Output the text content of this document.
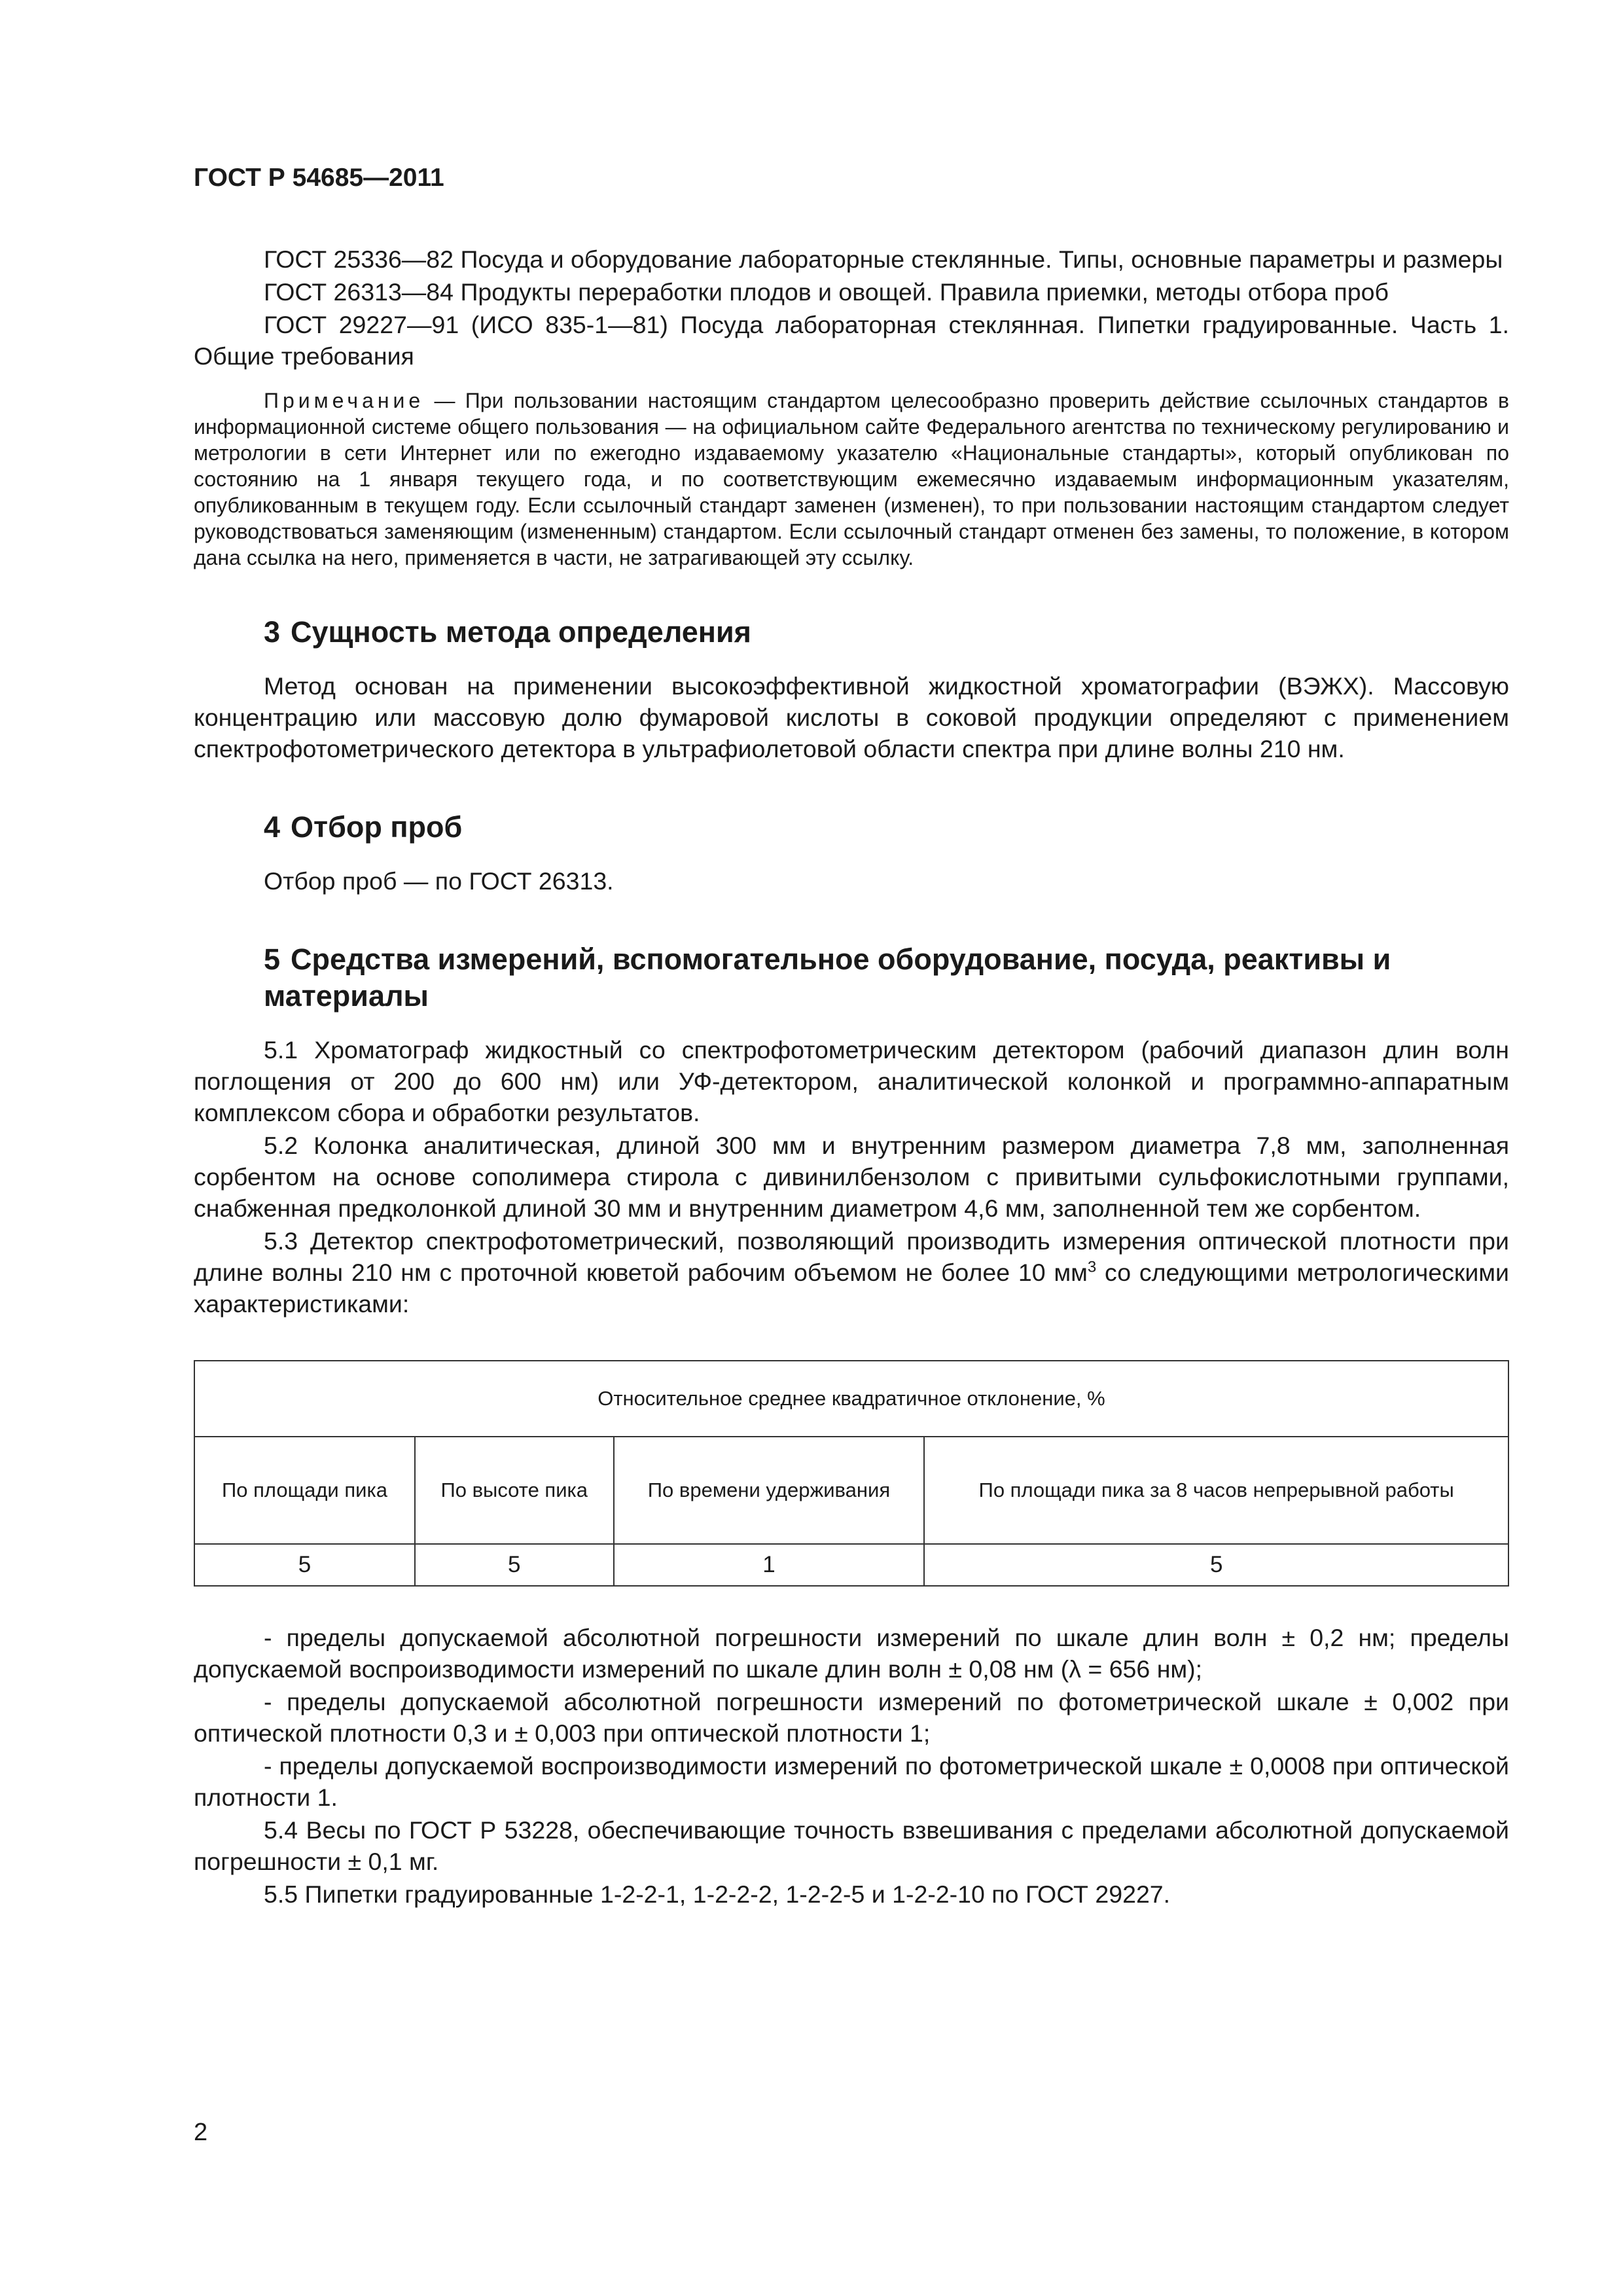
ГОСТ Р 54685—2011

ГОСТ 25336—82 Посуда и оборудование лабораторные стеклянные. Типы, основные параметры и размеры

ГОСТ 26313—84 Продукты переработки плодов и овощей. Правила приемки, методы отбора проб

ГОСТ 29227—91 (ИСО 835-1—81) Посуда лабораторная стеклянная. Пипетки градуированные. Часть 1. Общие требования

Примечание — При пользовании настоящим стандартом целесообразно проверить действие ссылочных стандартов в информационной системе общего пользования — на официальном сайте Федерального агентства по техническому регулированию и метрологии в сети Интернет или по ежегодно издаваемому указателю «Национальные стандарты», который опубликован по состоянию на 1 января текущего года, и по соответствующим ежемесячно издаваемым информационным указателям, опубликованным в текущем году. Если ссылочный стандарт заменен (изменен), то при пользовании настоящим стандартом следует руководствоваться заменяющим (измененным) стандартом. Если ссылочный стандарт отменен без замены, то положение, в котором дана ссылка на него, применяется в части, не затрагивающей эту ссылку.

3 Сущность метода определения

Метод основан на применении высокоэффективной жидкостной хроматографии (ВЭЖХ). Массовую концентрацию или массовую долю фумаровой кислоты в соковой продукции определяют с применением спектрофотометрического детектора в ультрафиолетовой области спектра при длине волны 210 нм.

4 Отбор проб

Отбор проб — по ГОСТ 26313.

5 Средства измерений, вспомогательное оборудование, посуда, реактивы и материалы

5.1 Хроматограф жидкостный со спектрофотометрическим детектором (рабочий диапазон длин волн поглощения от 200 до 600 нм) или УФ-детектором, аналитической колонкой и программно-аппаратным комплексом сбора и обработки результатов.

5.2 Колонка аналитическая, длиной 300 мм и внутренним размером диаметра 7,8 мм, заполненная сорбентом на основе сополимера стирола с дивинилбензолом с привитыми сульфокислотными группами, снабженная предколонкой длиной 30 мм и внутренним диаметром 4,6 мм, заполненной тем же сорбентом.

5.3 Детектор спектрофотометрический, позволяющий производить измерения оптической плотности при длине волны 210 нм с проточной кюветой рабочим объемом не более 10 $мм^3$ со следующими метрологическими характеристиками:

Относительное среднее квадратичное отклонение, %			
По площади пика	По высоте пика	По времени удерживания	По площади пика за 8 часов непрерывной работы
5	5	1	5

- пределы допускаемой абсолютной погрешности измерений по шкале длин волн ± 0,2 нм; пределы допускаемой воспроизводимости измерений по шкале длин волн ± 0,08 нм (λ = 656 нм);

- пределы допускаемой абсолютной погрешности измерений по фотометрической шкале ± 0,002 при оптической плотности 0,3 и ± 0,003 при оптической плотности 1;

- пределы допускаемой воспроизводимости измерений по фотометрической шкале ± 0,0008 при оптической плотности 1.

5.4 Весы по ГОСТ Р 53228, обеспечивающие точность взвешивания с пределами абсолютной допускаемой погрешности ± 0,1 мг.

5.5 Пипетки градуированные 1-2-2-1, 1-2-2-2, 1-2-2-5 и 1-2-2-10 по ГОСТ 29227.

2
